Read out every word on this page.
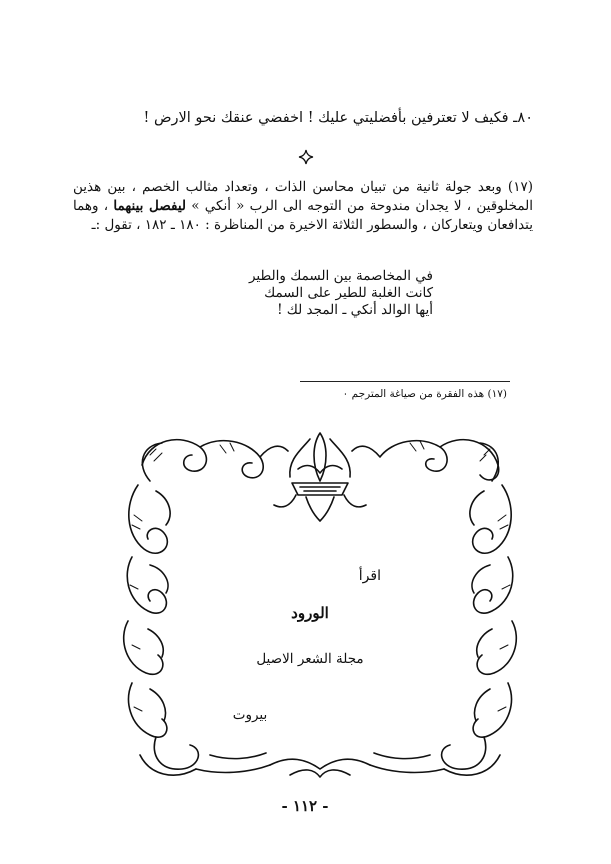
٨٠ـ فكيف لا تعترفين بأفضليتي عليك ! اخفضي عنقك نحو الارض !
(١٧) وبعد جولة ثانية من تبيان محاسن الذات ، وتعداد مثالب الخصم ، بين هذين المخلوقين ، لا يجدان مندوحة من التوجه الى الرب « أنكي » ليفصل بينهما ، وهما يتدافعان ويتعاركان ، والسطور الثلاثة الاخيرة من المناظرة : ١٨٠ ـ ١٨٢ ، تقول :ـ
في المخاصمة بين السمك والطير
كانت الغلبة للطير على السمك
أيها الوالد أنكي ـ المجد لك !
(١٧) هذه الفقرة من صياغة المترجم ٠
اقرأ
الورود
مجلة الشعر الاصيل
بيروت
- ١١٢ -
